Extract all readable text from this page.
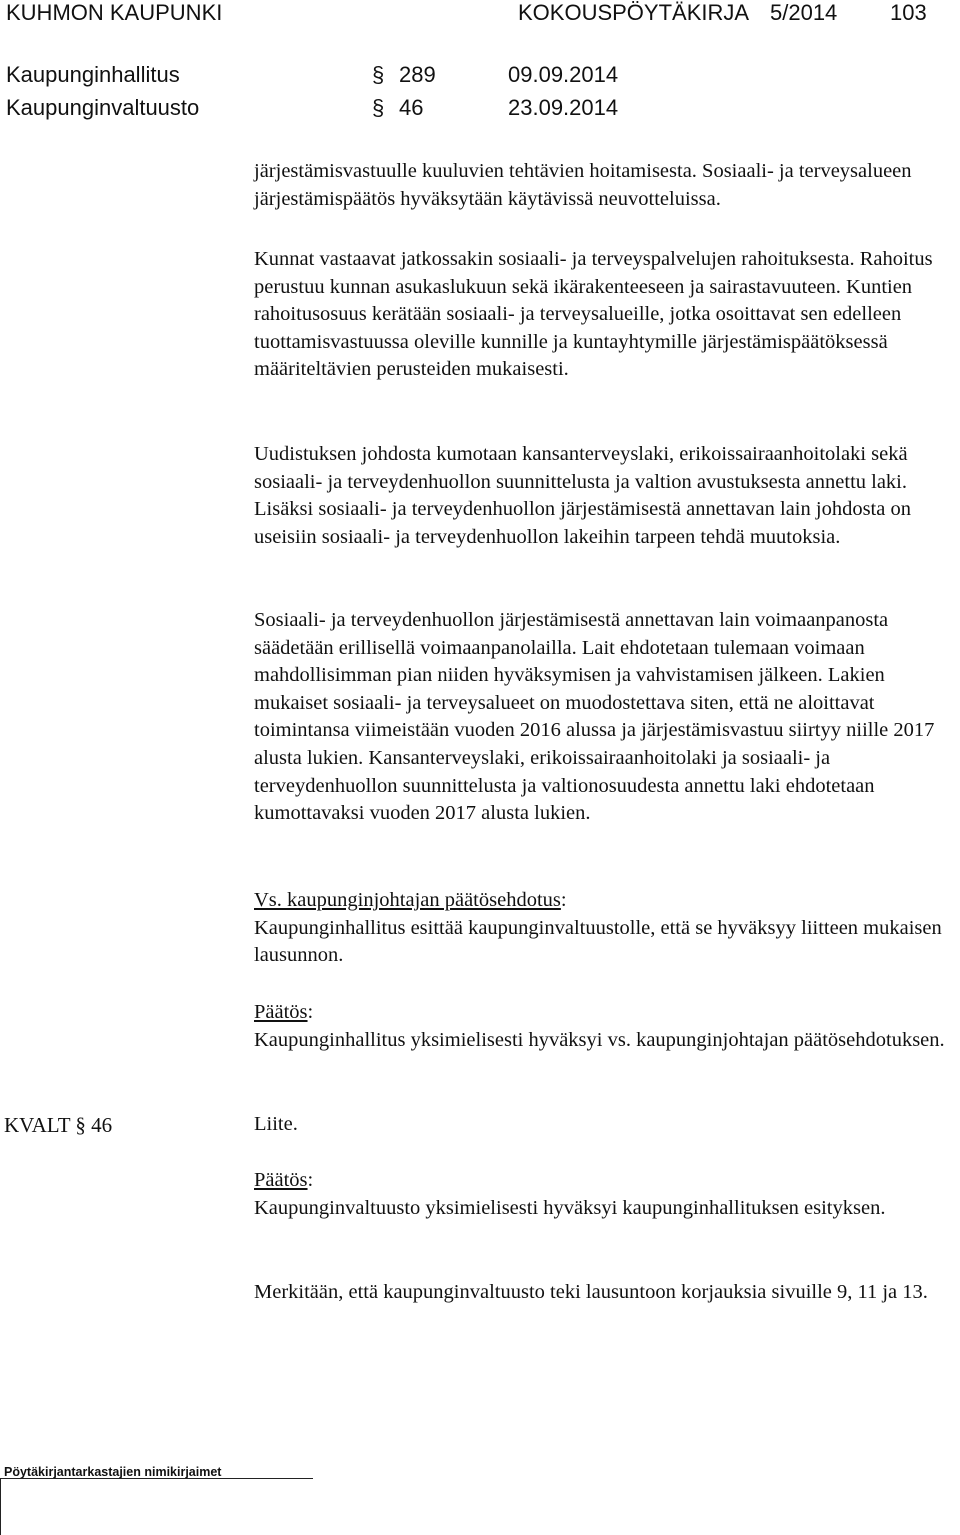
KUHMON KAUPUNKI	KOKOUSPÖYTÄKIRJA 5/2014 103
Kaupunginhallitus	§ 289	09.09.2014
Kaupunginvaltuusto	§ 46	23.09.2014

järjestämisvastuulle kuuluvien tehtävien hoitamisesta. Sosiaali- ja terveysalueen järjestämispäätös hyväksytään käytävissä neuvotteluissa.

Kunnat vastaavat jatkossakin sosiaali- ja terveyspalvelujen rahoituksesta. Rahoitus perustuu kunnan asukaslukuun sekä ikärakenteeseen ja sairastavuuteen. Kuntien rahoitusosuus kerätään sosiaali- ja terveysalueille, jotka osoittavat sen edelleen tuottamisvastuussa oleville kunnille ja kuntayhtymille järjestämispäätöksessä määriteltävien perusteiden mukaisesti.

Uudistuksen johdosta kumotaan kansanterveyslaki, erikoissairaanhoitolaki sekä sosiaali- ja terveydenhuollon suunnittelusta ja valtion avustuksesta annettu laki. Lisäksi sosiaali- ja terveydenhuollon järjestämisestä annettavan lain johdosta on useisiin sosiaali- ja terveydenhuollon lakeihin tarpeen tehdä muutoksia.

Sosiaali- ja terveydenhuollon järjestämisestä annettavan lain voimaanpanosta säädetään erillisellä voimaanpanolailla. Lait ehdotetaan tulemaan voimaan mahdollisimman pian niiden hyväksymisen ja vahvistamisen jälkeen. Lakien mukaiset sosiaali- ja terveysalueet on muodostettava siten, että ne aloittavat toimintansa viimeistään vuoden 2016 alussa ja järjestämisvastuu siirtyy niille 2017 alusta lukien. Kansanterveyslaki, erikoissairaanhoitolaki ja sosiaali- ja terveydenhuollon suunnittelusta ja valtionosuudesta annettu laki ehdotetaan kumottavaksi vuoden 2017 alusta lukien.

Vs. kaupunginjohtajan päätösehdotus:

Kaupunginhallitus esittää kaupunginvaltuustolle, että se hyväksyy liitteen mukaisen lausunnon.

Päätös:

Kaupunginhallitus yksimielisesti hyväksyi vs. kaupunginjohtajan päätösehdotuksen.

KVALT § 46	Liite.

Päätös:

Kaupunginvaltuusto yksimielisesti hyväksyi kaupunginhallituksen esityksen.

Merkitään, että kaupunginvaltuusto teki lausuntoon korjauksia sivuille 9, 11 ja 13.

Pöytäkirjantarkastajien nimikirjaimet
